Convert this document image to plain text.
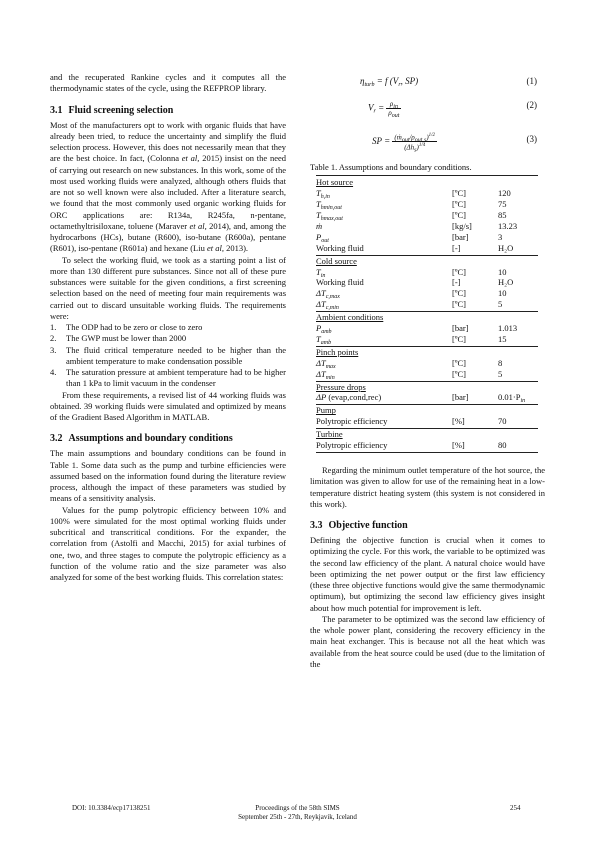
and the recuperated Rankine cycles and it computes all the thermodynamic states of the cycle, using the REFPROP library.

3.1 Fluid screening selection

Most of the manufacturers opt to work with organic fluids that have already been tried, to reduce the uncertainty and simplify the fluid selection process. However, this does not necessarily mean that they are the best choice. In fact, (Colonna et al, 2015) insist on the need of carrying out research on new substances. In this work, some of the most used working fluids were analyzed, although others fluids that are not so well known were also included. After a literature search, we found that the most commonly used organic working fluids for ORC applications are: R134a, R245fa, n-pentane, octamethyltrisiloxane, toluene (Maraver et al, 2014), and, among the hydrocarbons (HCs), butane (R600), iso-butane (R600a), pentane (R601), iso-pentane (R601a) and hexane (Liu et al, 2013).

To select the working fluid, we took as a starting point a list of more than 130 different pure substances. Since not all of these pure substances were suitable for the given conditions, a first screening selection based on the need of meeting four main requirements was carried out to discard unsuitable working fluids. The requirements were:

1. The ODP had to be zero or close to zero
2. The GWP must be lower than 2000
3. The fluid critical temperature needed to be higher than the ambient temperature to make condensation possible
4. The saturation pressure at ambient temperature had to be higher than 1 kPa to limit vacuum in the condenser

From these requirements, a revised list of 44 working fluids was obtained. 39 working fluids were simulated and optimized by means of the Gradient Based Algorithm in MATLAB.

3.2 Assumptions and boundary conditions

The main assumptions and boundary conditions can be found in Table 1. Some data such as the pump and turbine efficiencies were assumed based on the information found during the literature review process, although the impact of these parameters was studied by means of a sensitivity analysis.

Values for the pump polytropic efficiency between 10% and 100% were simulated for the most optimal working fluids under subcritical and transcritical conditions. For the expander, the correlation from (Astolfi and Macchi, 2015) for axial turbines of one, two, and three stages to compute the polytropic efficiency as a function of the volume ratio and the size parameter was also analyzed for some of the best working fluids. This correlation states:

$\eta_{turb} = f$ ($V_r$, SP)	(1)
$V_r = \frac{\rho_{in}}{\rho_{out}}$	(2)
SP = $\frac{(ṁ_{out}/\rho_{out,s})^{1/2}}{(\Delta h_s)^{1/4}}$	(3)

Table 1. Assumptions and boundary conditions.

Hot source		
$T_{h,in}$	[ºC]	120
$T_{hmin,out}$	[ºC]	75
$T_{hmax,out}$	[ºC]	85
ṁ	[kg/s]	13.23
$P_{out}$	[bar]	3
Working fluid	[-]	H₂O
Cold source		
$T_{in}$	[ºC]	10
Working fluid	[-]	H₂O
$\Delta T_{c,max}$	[ºC]	10
$\Delta T_{c,min}$	[ºC]	5
Ambient conditions		
$P_{amb}$	[bar]	1.013
$T_{amb}$	[ºC]	15
Pinch points		
$\Delta T_{max}$	[ºC]	8
$\Delta T_{min}$	[ºC]	5
Pressure drops		
ΔP (evap,cond,rec)	[bar]	$0.01\cdot P_{in}$
Pump		
Polytropic efficiency	[%]	70
Turbine		
Polytropic efficiency	[%]	80

Regarding the minimum outlet temperature of the hot source, the limitation was given to allow for use of the remaining heat in a low-temperature district heating system (this system is not considered in this work).

3.3 Objective function

Defining the objective function is crucial when it comes to optimizing the cycle. For this work, the variable to be optimized was the second law efficiency of the plant. A natural choice would have been optimizing the net power output or the first law efficiency (these three objective functions would give the same thermodynamic optimum), but optimizing the second law efficiency gives insight about how much potential for improvement is left.

The parameter to be optimized was the second law efficiency of the whole power plant, considering the recovery efficiency in the main heat exchanger. This is because not all the heat which was available from the heat source could be used (due to the limitation of the

DOI: 10.3384/ecp17138251	Proceedings of the 58th SIMS
September 25th - 27th, Reykjavik, Iceland
254
